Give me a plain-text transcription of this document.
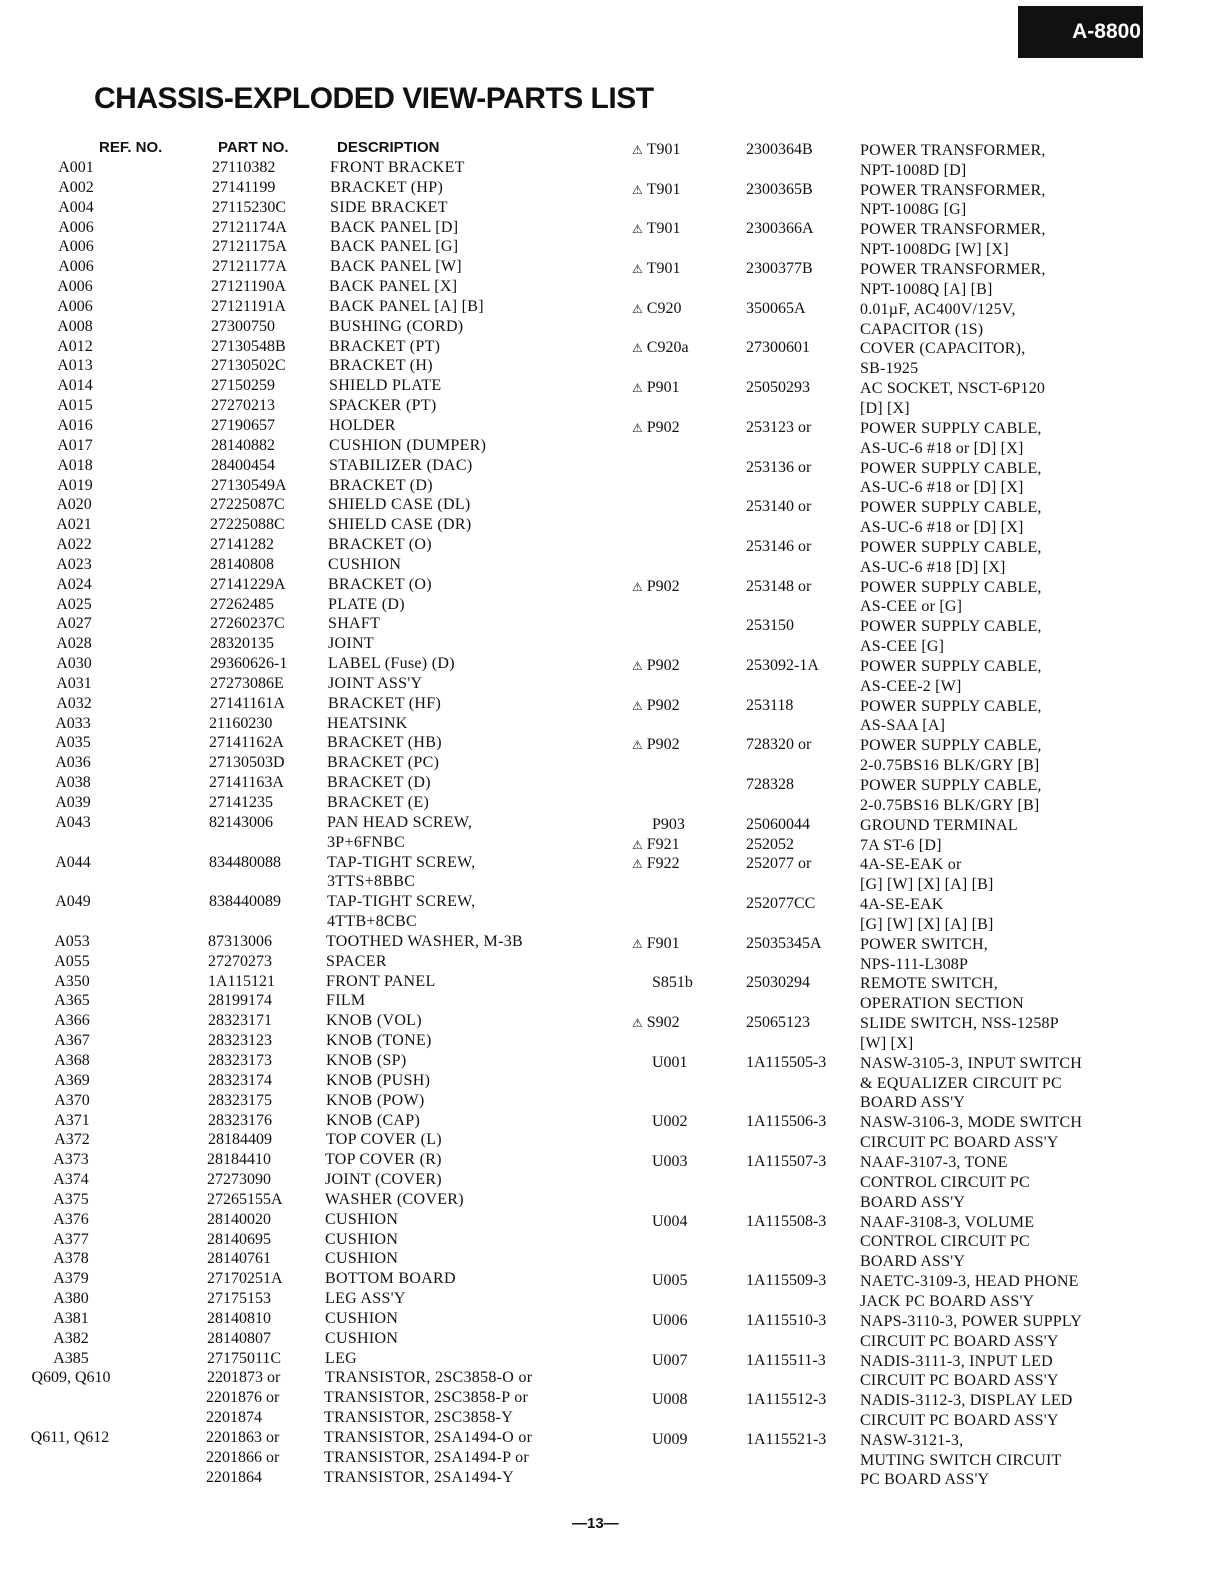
A-8800
CHASSIS-EXPLODED VIEW-PARTS LIST
REF. NO.	PART NO.	DESCRIPTION
A001	27110382	FRONT BRACKET
A002	27141199	BRACKET (HP)
A004	27115230C	SIDE BRACKET
A006	27121174A	BACK PANEL [D]
A006	27121175A	BACK PANEL [G]
A006	27121177A	BACK PANEL [W]
A006	27121190A	BACK PANEL [X]
A006	27121191A	BACK PANEL [A] [B]
A008	27300750	BUSHING (CORD)
A012	27130548B	BRACKET (PT)
A013	27130502C	BRACKET (H)
A014	27150259	SHIELD PLATE
A015	27270213	SPACKER (PT)
A016	27190657	HOLDER
A017	28140882	CUSHION (DUMPER)
A018	28400454	STABILIZER (DAC)
A019	27130549A	BRACKET (D)
A020	27225087C	SHIELD CASE (DL)
A021	27225088C	SHIELD CASE (DR)
A022	27141282	BRACKET (O)
A023	28140808	CUSHION
A024	27141229A	BRACKET (O)
A025	27262485	PLATE (D)
A027	27260237C	SHAFT
A028	28320135	JOINT
A030	29360626-1	LABEL (Fuse) (D)
A031	27273086E	JOINT ASS'Y
A032	27141161A	BRACKET (HF)
A033	21160230	HEATSINK
A035	27141162A	BRACKET (HB)
A036	27130503D	BRACKET (PC)
A038	27141163A	BRACKET (D)
A039	27141235	BRACKET (E)
A043	82143006	PAN HEAD SCREW,
3P+6FNBC
A044	834480088	TAP-TIGHT SCREW,
3TTS+8BBC
A049	838440089	TAP-TIGHT SCREW,
4TTB+8CBC
A053	87313006	TOOTHED WASHER, M-3B
A055	27270273	SPACER
A350	1A115121	FRONT PANEL
A365	28199174	FILM
A366	28323171	KNOB (VOL)
A367	28323123	KNOB (TONE)
A368	28323173	KNOB (SP)
A369	28323174	KNOB (PUSH)
A370	28323175	KNOB (POW)
A371	28323176	KNOB (CAP)
A372	28184409	TOP COVER (L)
A373	28184410	TOP COVER (R)
A374	27273090	JOINT (COVER)
A375	27265155A	WASHER (COVER)
A376	28140020	CUSHION
A377	28140695	CUSHION
A378	28140761	CUSHION
A379	27170251A	BOTTOM BOARD
A380	27175153	LEG ASS'Y
A381	28140810	CUSHION
A382	28140807	CUSHION
A385	27175011C	LEG
Q609, Q610	2201873 or	TRANSISTOR, 2SC3858-O or
2201876 or	TRANSISTOR, 2SC3858-P or
2201874	TRANSISTOR, 2SC3858-Y
Q611, Q612	2201863 or	TRANSISTOR, 2SA1494-O or
2201866 or	TRANSISTOR, 2SA1494-P or
2201864	TRANSISTOR, 2SA1494-Y
⚠ T901	2300364B	POWER TRANSFORMER,
NPT-1008D [D]
⚠ T901	2300365B	POWER TRANSFORMER,
NPT-1008G [G]
⚠ T901	2300366A	POWER TRANSFORMER,
NPT-1008DG [W] [X]
⚠ T901	2300377B	POWER TRANSFORMER,
NPT-1008Q [A] [B]
⚠ C920	350065A	0.01µF, AC400V/125V,
CAPACITOR (1S)
⚠ C920a	27300601	COVER (CAPACITOR),
SB-1925
⚠ P901	25050293	AC SOCKET, NSCT-6P120
[D] [X]
⚠ P902	253123 or	POWER SUPPLY CABLE,
AS-UC-6 #18 or [D] [X]
253136 or	POWER SUPPLY CABLE,
AS-UC-6 #18 or [D] [X]
253140 or	POWER SUPPLY CABLE,
AS-UC-6 #18 or [D] [X]
253146 or	POWER SUPPLY CABLE,
AS-UC-6 #18 [D] [X]
⚠ P902	253148 or	POWER SUPPLY CABLE,
AS-CEE or [G]
253150	POWER SUPPLY CABLE,
AS-CEE [G]
⚠ P902	253092-1A	POWER SUPPLY CABLE,
AS-CEE-2 [W]
⚠ P902	253118	POWER SUPPLY CABLE,
AS-SAA [A]
⚠ P902	728320 or	POWER SUPPLY CABLE,
2-0.75BS16 BLK/GRY [B]
728328	POWER SUPPLY CABLE,
2-0.75BS16 BLK/GRY [B]
P903	25060044	GROUND TERMINAL
⚠ F921	252052	7A ST-6 [D]
⚠ F922	252077 or	4A-SE-EAK or
[G] [W] [X] [A] [B]
252077CC	4A-SE-EAK
[G] [W] [X] [A] [B]
⚠ F901	25035345A POWER SWITCH,
NPS-111-L308P
S851b	25030294	REMOTE SWITCH,
OPERATION SECTION
⚠ S902	25065123	SLIDE SWITCH, NSS-1258P
[W] [X]
U001	1A115505-3 NASW-3105-3, INPUT SWITCH
& EQUALIZER CIRCUIT PC
BOARD ASS'Y
U002	1A115506-3 NASW-3106-3, MODE SWITCH
CIRCUIT PC BOARD ASS'Y
U003	1A115507-3 NAAF-3107-3, TONE
CONTROL CIRCUIT PC
BOARD ASS'Y
U004	1A115508-3 NAAF-3108-3, VOLUME
CONTROL CIRCUIT PC
BOARD ASS'Y
U005	1A115509-3 NAETC-3109-3, HEAD PHONE
JACK PC BOARD ASS'Y
U006	1A115510-3 NAPS-3110-3, POWER SUPPLY
CIRCUIT PC BOARD ASS'Y
U007	1A115511-3 NADIS-3111-3, INPUT LED
CIRCUIT PC BOARD ASS'Y
U008	1A115512-3 NADIS-3112-3, DISPLAY LED
CIRCUIT PC BOARD ASS'Y
U009	1A115521-3 NASW-3121-3,
MUTING SWITCH CIRCUIT
PC BOARD ASS'Y
—13—
